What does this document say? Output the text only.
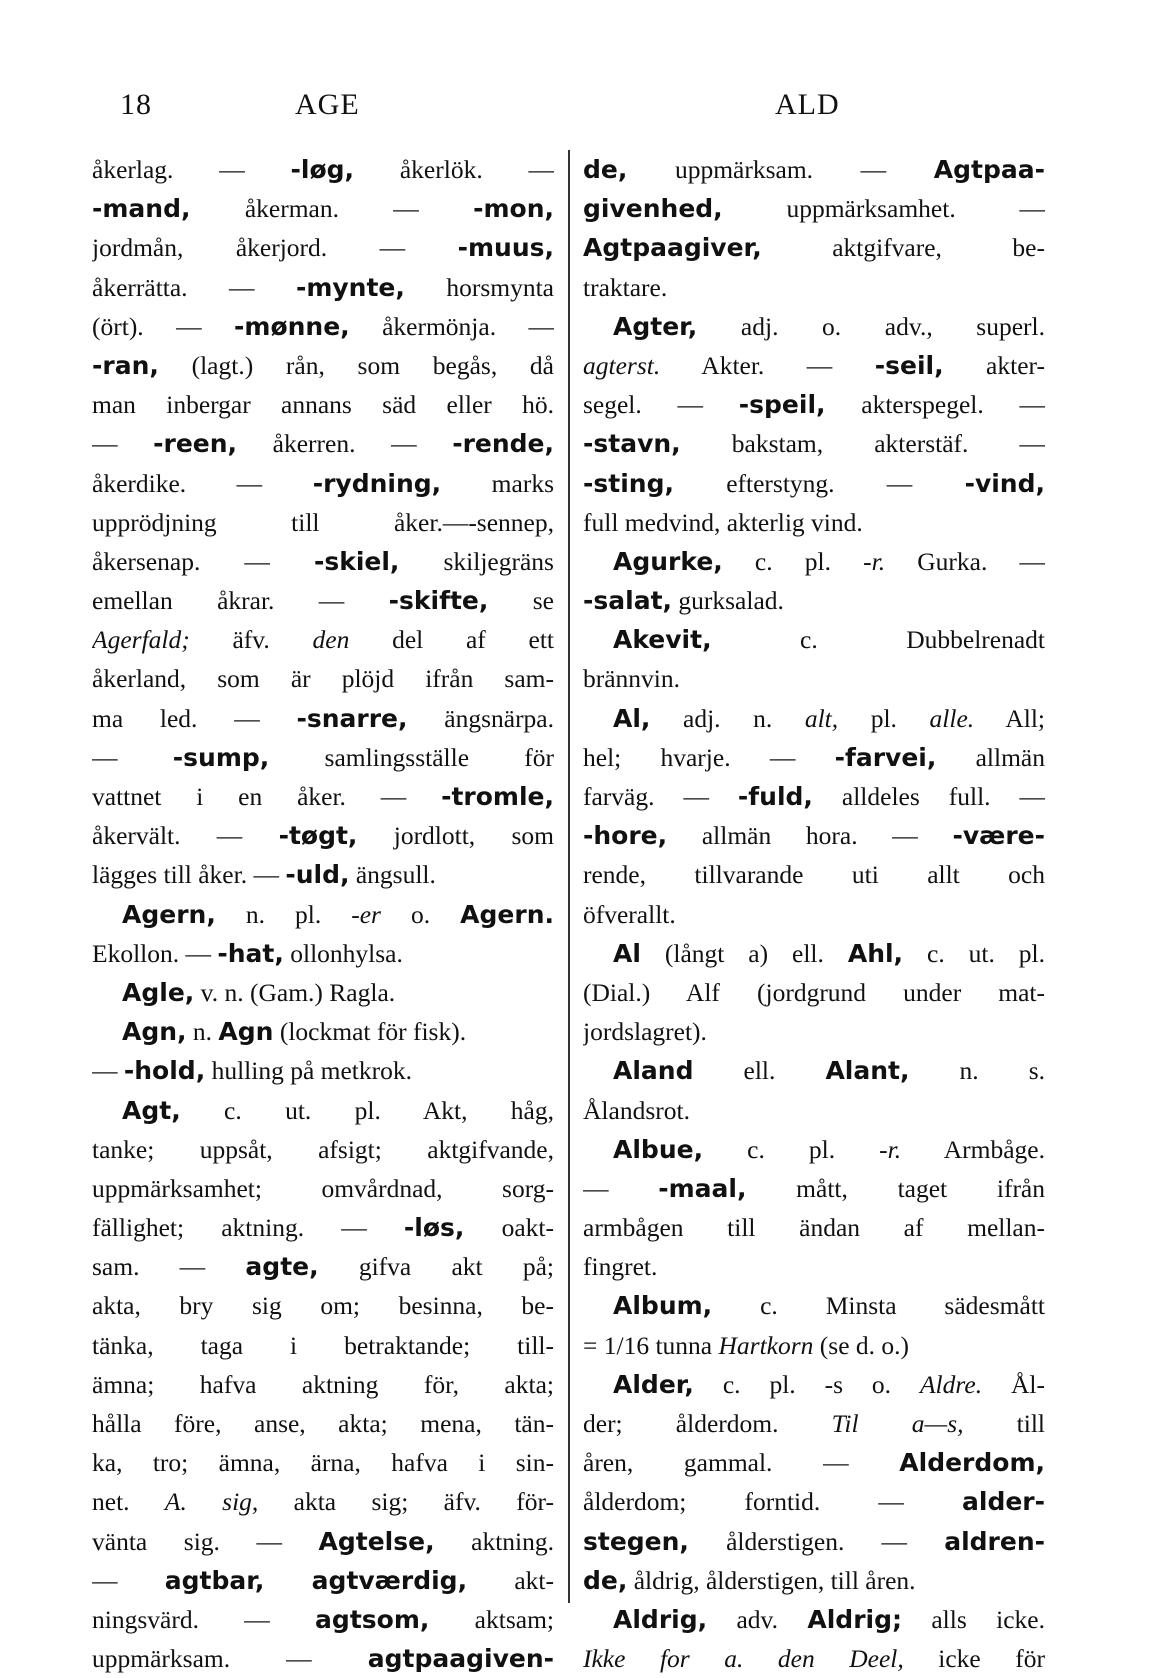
18	AGE	ALD
åkerlag. — -løg, åkerlök. —
-mand, åkerman. — -mon,
jordmån, åkerjord. — -muus,
åkerrätta. — -mynte, horsmynta
(ört). — -mønne, åkermönja. —
-ran, (lagt.) rån, som begås, då
man inbergar annans säd eller hö.
— -reen, åkerren. — -rende,
åkerdike. — -rydning, marks
upprödjning till åker.—-sennep,
åkersenap. — -skiel, skiljegräns
emellan åkrar. — -skifte, se
Agerfald; äfv. den del af ett
åkerland, som är plöjd ifrån sam-
ma led. — -snarre, ängsnärpa.
— -sump, samlingsställe för
vattnet i en åker. — -tromle,
åkervält. — -tøgt, jordlott, som
lägges till åker. — -uld, ängsull.
Agern, n. pl. -er o. Agern.
Ekollon. — -hat, ollonhylsa.
Agle, v. n. (Gam.) Ragla.
Agn, n. Agn (lockmat för fisk).
— -hold, hulling på metkrok.
Agt, c. ut. pl. Akt, håg,
tanke; uppsåt, afsigt; aktgifvande,
uppmärksamhet; omvårdnad, sorg-
fällighet; aktning. — -løs, oakt-
sam. — agte, gifva akt på;
akta, bry sig om; besinna, be-
tänka, taga i betraktande; till-
ämna; hafva aktning för, akta;
hålla före, anse, akta; mena, tän-
ka, tro; ämna, ärna, hafva i sin-
net. A. sig, akta sig; äfv. för-
vänta sig. — Agtelse, aktning.
— agtbar, agtværdig, akt-
ningsvärd. — agtsom, aktsam;
uppmärksam. — agtpaagiven-
de, uppmärksam. — Agtpaa-
givenhed, uppmärksamhet. —
Agtpaagiver, aktgifvare, be-
traktare.
Agter, adj. o. adv., superl.
agterst. Akter. — -seil, akter-
segel. — -speil, akterspegel. —
-stavn, bakstam, akterstäf. —
-sting, efterstyng. — -vind,
full medvind, akterlig vind.
Agurke, c. pl. -r. Gurka. —
-salat, gurksalad.
Akevit, c. Dubbelrenadt
brännvin.
Al, adj. n. alt, pl. alle. All;
hel; hvarje. — -farvei, allmän
farväg. — -fuld, alldeles full. —
-hore, allmän hora. — -være-
rende, tillvarande uti allt och
öfverallt.
Al (långt a) ell. Ahl, c. ut. pl.
(Dial.) Alf (jordgrund under mat-
jordslagret).
Aland ell. Alant, n. s.
Ålandsrot.
Albue, c. pl. -r. Armbåge.
— -maal, mått, taget ifrån
armbågen till ändan af mellan-
fingret.
Album, c. Minsta sädesmått
= 1/16 tunna Hartkorn (se d. o.)
Alder, c. pl. -s o. Aldre. Ål-
der; ålderdom. Til a—s, till
åren, gammal. — Alderdom,
ålderdom; forntid. — alder-
stegen, ålderstigen. — aldren-
de, åldrig, ålderstigen, till åren.
Aldrig, adv. Aldrig; alls icke.
Ikke for a. den Deel, icke för
